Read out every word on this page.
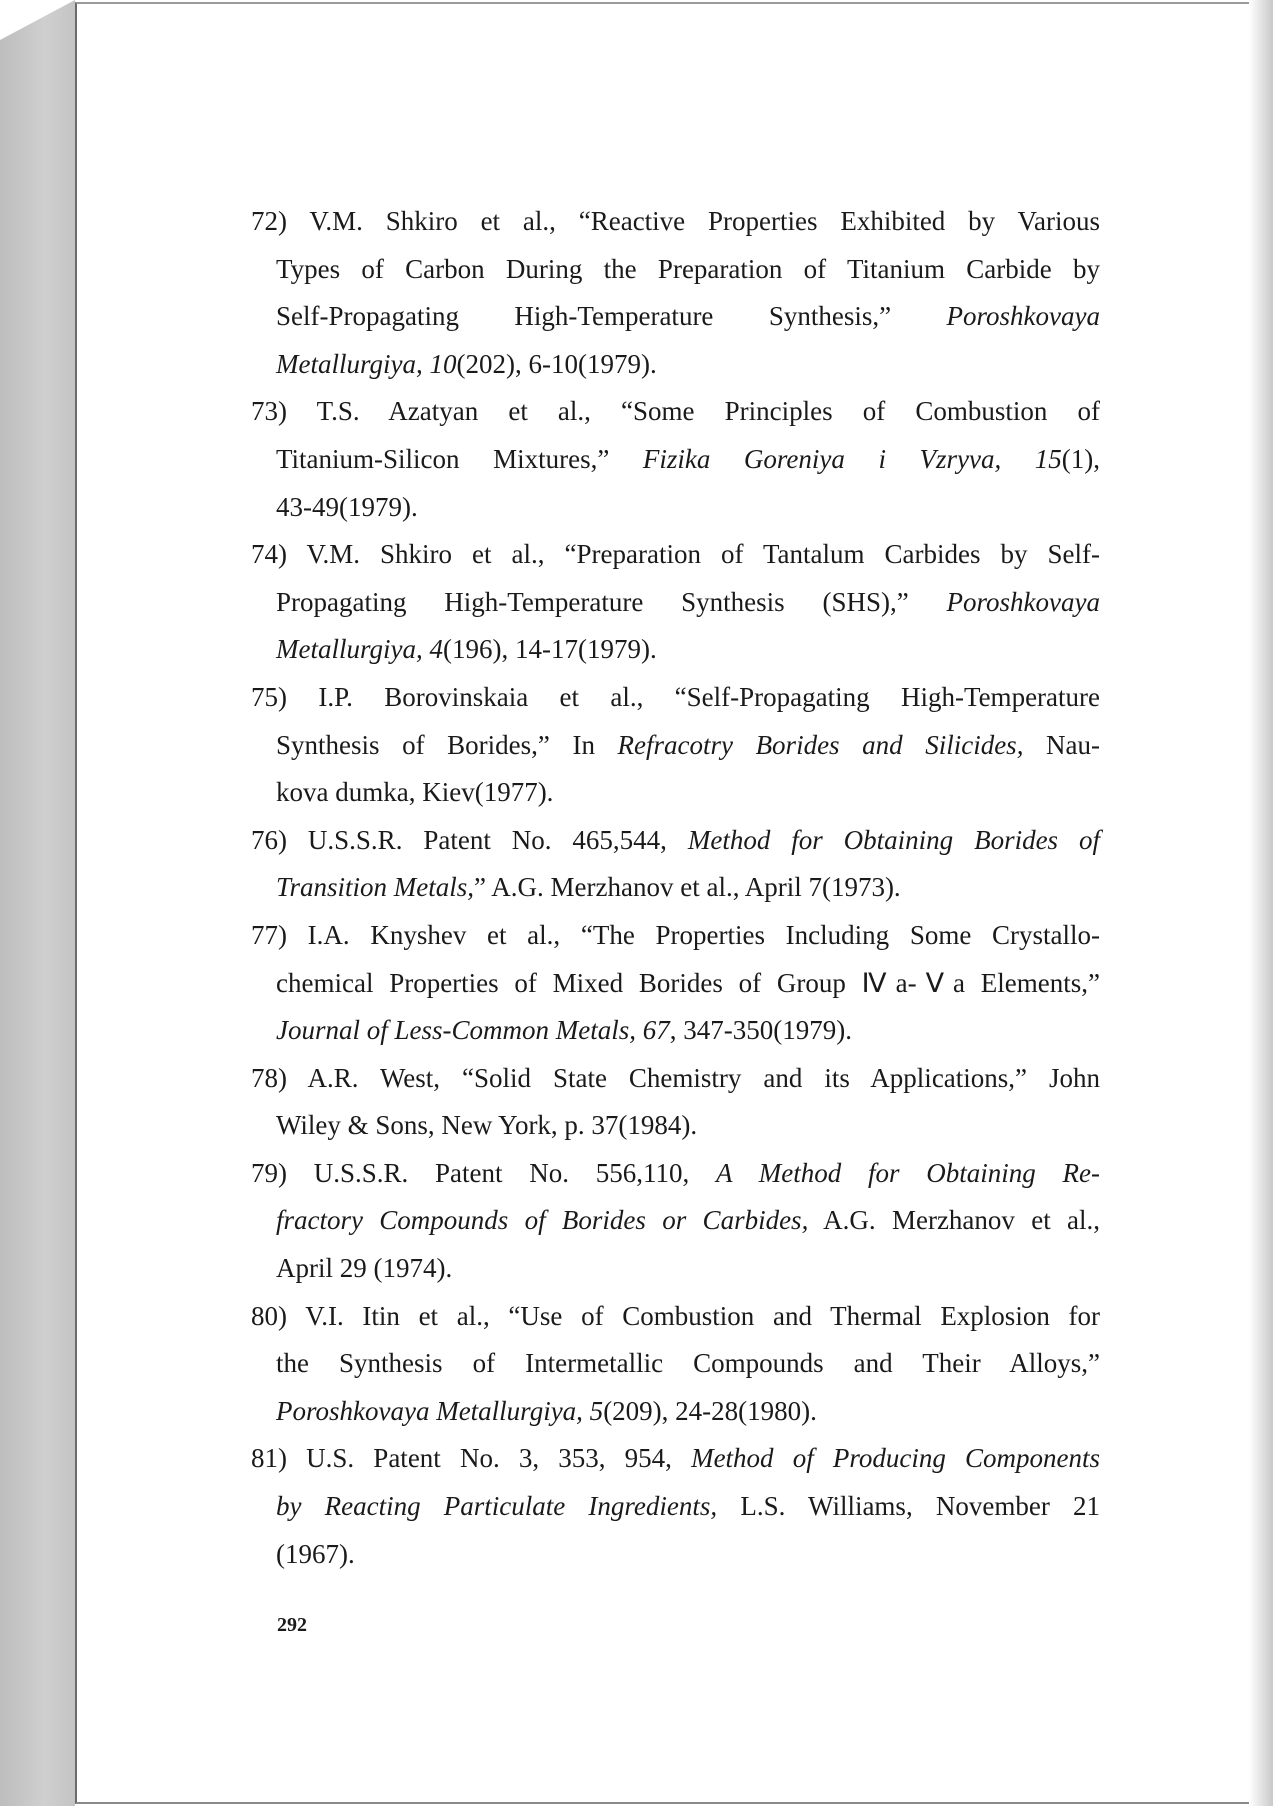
72) V.M. Shkiro et al., “Reactive Properties Exhibited by Various
Types of Carbon During the Preparation of Titanium Carbide by
Self-Propagating High-Temperature Synthesis,” Poroshkovaya
Metallurgiya, 10(202), 6-10(1979).
73) T.S. Azatyan et al., “Some Principles of Combustion of
Titanium-Silicon Mixtures,” Fizika Goreniya i Vzryva, 15(1),
43-49(1979).
74) V.M. Shkiro et al., “Preparation of Tantalum Carbides by Self-
Propagating High-Temperature Synthesis (SHS),” Poroshkovaya
Metallurgiya, 4(196), 14-17(1979).
75) I.P. Borovinskaia et al., “Self-Propagating High-Temperature
Synthesis of Borides,” In Refracotry Borides and Silicides, Nau-
kova dumka, Kiev(1977).
76) U.S.S.R. Patent No. 465,544, Method for Obtaining Borides of
Transition Metals,” A.G. Merzhanov et al., April 7(1973).
77) I.A. Knyshev et al., “The Properties Including Some Crystallo-
chemical Properties of Mixed Borides of Group Ⅳa-Ⅴa Elements,”
Journal of Less-Common Metals, 67, 347-350(1979).
78) A.R. West, “Solid State Chemistry and its Applications,” John
Wiley & Sons, New York, p. 37(1984).
79) U.S.S.R. Patent No. 556,110, A Method for Obtaining Re-
fractory Compounds of Borides or Carbides, A.G. Merzhanov et al.,
April 29 (1974).
80) V.I. Itin et al., “Use of Combustion and Thermal Explosion for
the Synthesis of Intermetallic Compounds and Their Alloys,”
Poroshkovaya Metallurgiya, 5(209), 24-28(1980).
81) U.S. Patent No. 3, 353, 954, Method of Producing Components
by Reacting Particulate Ingredients, L.S. Williams, November 21
(1967).
292
